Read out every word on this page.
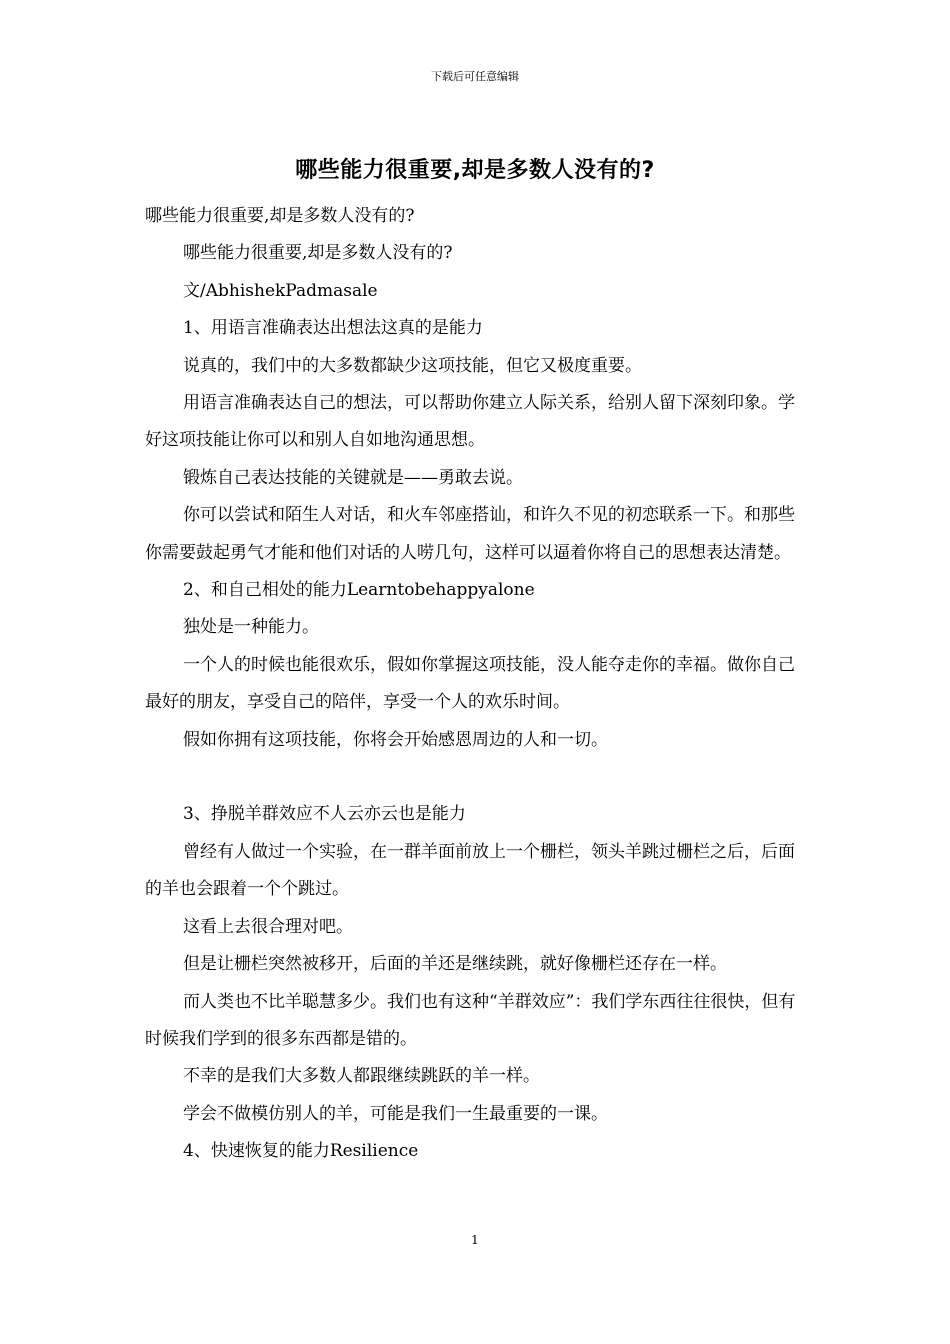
下载后可任意编辑
哪些能力很重要,却是多数人没有的?

哪些能力很重要,却是多数人没有的?

哪些能力很重要,却是多数人没有的?

文/AbhishekPadmasale

1、用语言准确表达出想法这真的是能力

说真的，我们中的大多数都缺少这项技能，但它又极度重要。

用语言准确表达自己的想法，可以帮助你建立人际关系，给别人留下深刻印象。学好这项技能让你可以和别人自如地沟通思想。

锻炼自己表达技能的关键就是——勇敢去说。

你可以尝试和陌生人对话，和火车邻座搭讪，和许久不见的初恋联系一下。和那些你需要鼓起勇气才能和他们对话的人唠几句，这样可以逼着你将自己的思想表达清楚。

2、和自己相处的能力Learntobehappyalone

独处是一种能力。

一个人的时候也能很欢乐，假如你掌握这项技能，没人能夺走你的幸福。做你自己最好的朋友，享受自己的陪伴，享受一个人的欢乐时间。

假如你拥有这项技能，你将会开始感恩周边的人和一切。

3、挣脱羊群效应不人云亦云也是能力

曾经有人做过一个实验，在一群羊面前放上一个栅栏，领头羊跳过栅栏之后，后面的羊也会跟着一个个跳过。

这看上去很合理对吧。

但是让栅栏突然被移开，后面的羊还是继续跳，就好像栅栏还存在一样。

而人类也不比羊聪慧多少。我们也有这种“羊群效应”：我们学东西往往很快，但有时候我们学到的很多东西都是错的。

不幸的是我们大多数人都跟继续跳跃的羊一样。

学会不做模仿别人的羊，可能是我们一生最重要的一课。

4、快速恢复的能力Resilience

1
